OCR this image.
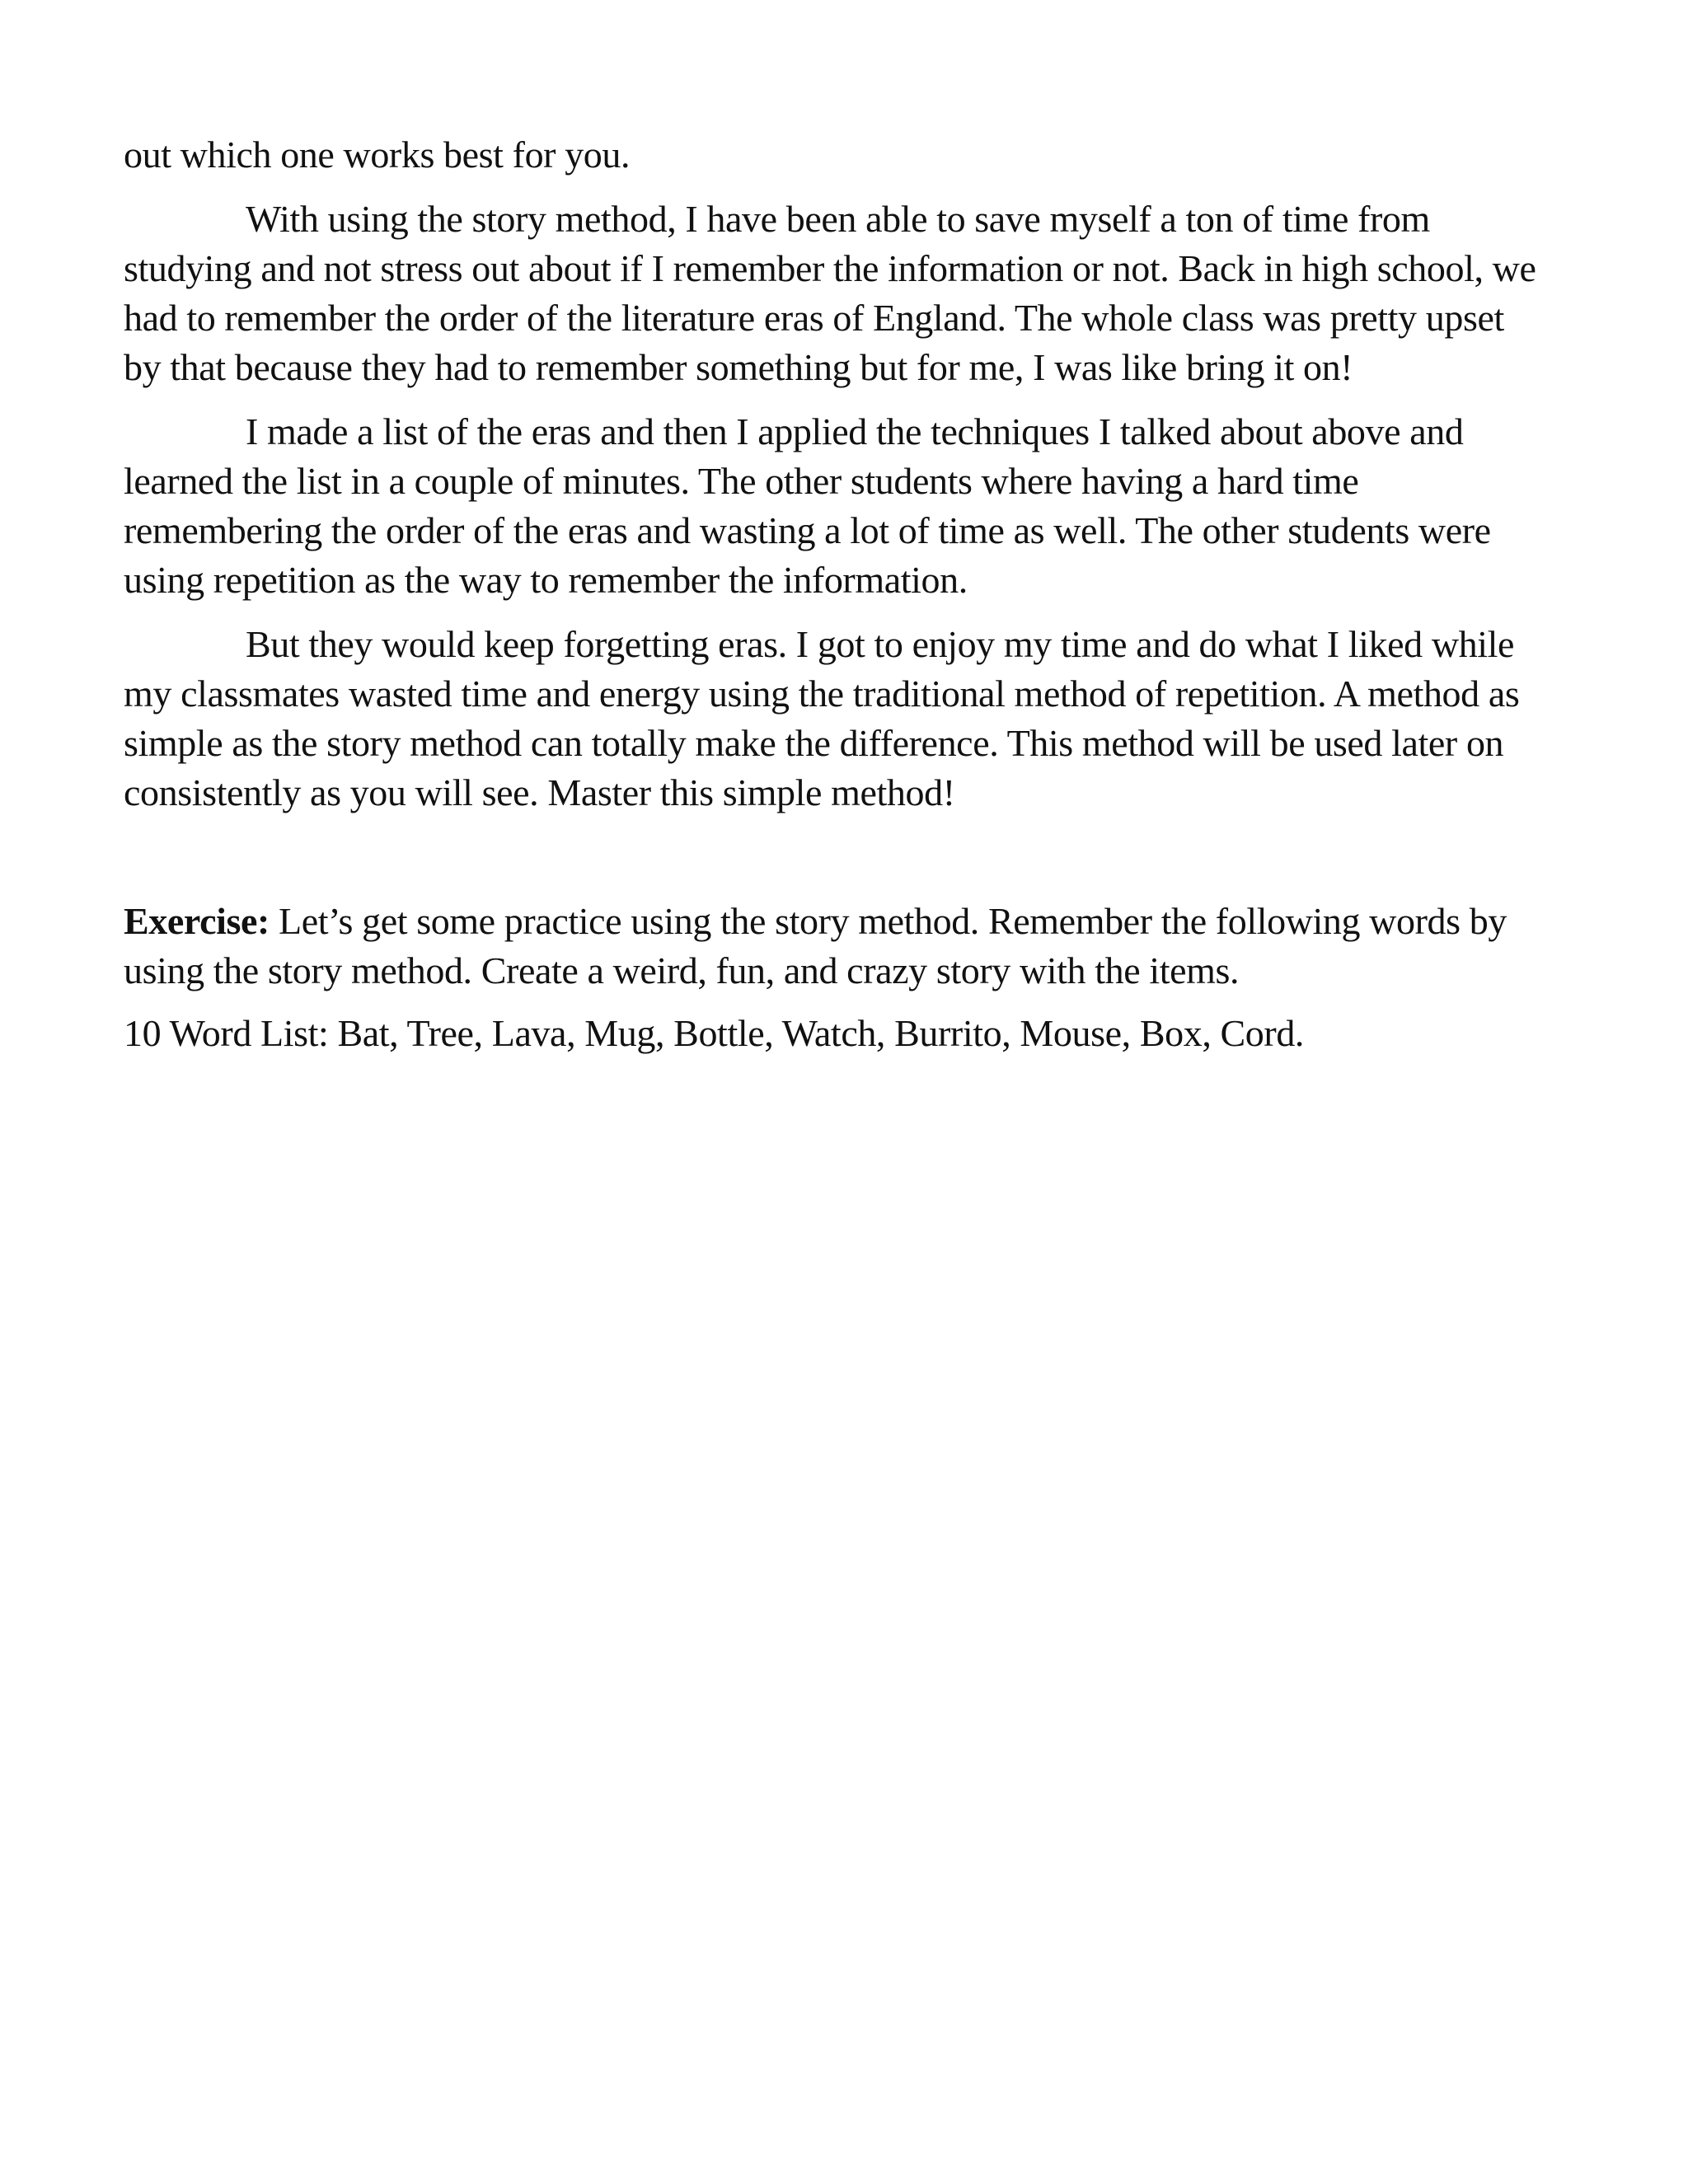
out which one works best for you.

With using the story method, I have been able to save myself a ton of time from studying and not stress out about if I remember the information or not. Back in high school, we had to remember the order of the literature eras of England. The whole class was pretty upset by that because they had to remember something but for me, I was like bring it on!

I made a list of the eras and then I applied the techniques I talked about above and learned the list in a couple of minutes. The other students where having a hard time remembering the order of the eras and wasting a lot of time as well. The other students were using repetition as the way to remember the information.

But they would keep forgetting eras. I got to enjoy my time and do what I liked while my classmates wasted time and energy using the traditional method of repetition. A method as simple as the story method can totally make the difference. This method will be used later on consistently as you will see. Master this simple method!

Exercise: Let’s get some practice using the story method. Remember the following words by using the story method. Create a weird, fun, and crazy story with the items.

10 Word List: Bat, Tree, Lava, Mug, Bottle, Watch, Burrito, Mouse, Box, Cord.
